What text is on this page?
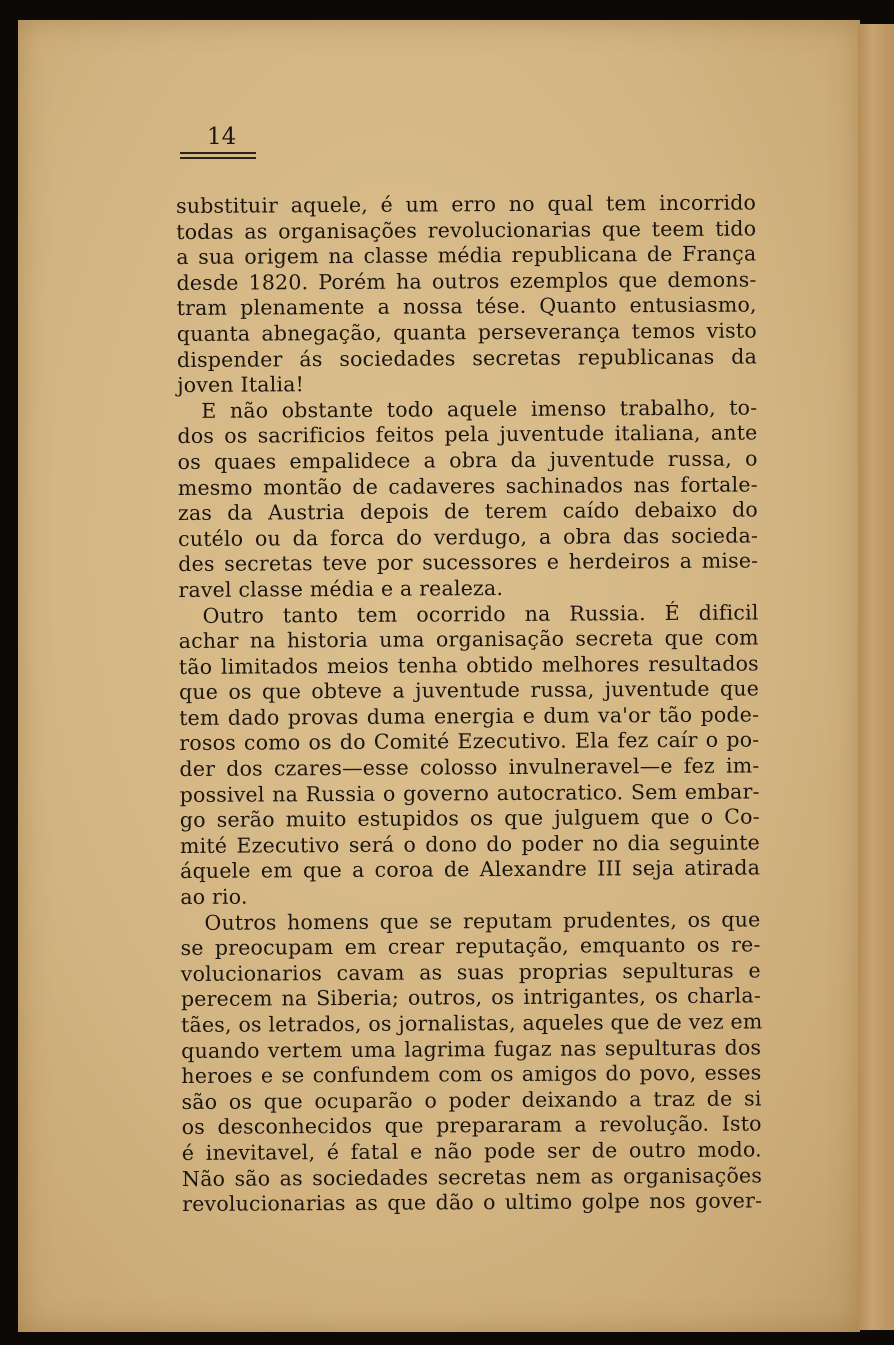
14

substituir aquele, é um erro no qual tem incorrido
todas as organisações revolucionarias que teem tido
a sua origem na classe média republicana de França
desde 1820. Porém ha outros ezemplos que demons-
tram plenamente a nossa tése. Quanto entusiasmo,
quanta abnegação, quanta perseverança temos visto
dispender ás sociedades secretas republicanas da
joven Italia!
E não obstante todo aquele imenso trabalho, to-
dos os sacrificios feitos pela juventude italiana, ante
os quaes empalidece a obra da juventude russa, o
mesmo montão de cadaveres sachinados nas fortale-
zas da Austria depois de terem caído debaixo do
cutélo ou da forca do verdugo, a obra das socieda-
des secretas teve por sucessores e herdeiros a mise-
ravel classe média e a realeza.
Outro tanto tem ocorrido na Russia. É dificil
achar na historia uma organisação secreta que com
tão limitados meios tenha obtido melhores resultados
que os que obteve a juventude russa, juventude que
tem dado provas duma energia e dum va'or tão pode-
rosos como os do Comité Ezecutivo. Ela fez caír o po-
der dos czares—esse colosso invulneravel—e fez im-
possivel na Russia o governo autocratico. Sem embar-
go serão muito estupidos os que julguem que o Co-
mité Ezecutivo será o dono do poder no dia seguinte
áquele em que a coroa de Alexandre III seja atirada
ao rio.
Outros homens que se reputam prudentes, os que
se preocupam em crear reputação, emquanto os re-
volucionarios cavam as suas proprias sepulturas e
perecem na Siberia; outros, os intrigantes, os charla-
tães, os letrados, os jornalistas, aqueles que de vez em
quando vertem uma lagrima fugaz nas sepulturas dos
heroes e se confundem com os amigos do povo, esses
são os que ocuparão o poder deixando a traz de si
os desconhecidos que prepararam a revolução. Isto
é inevitavel, é fatal e não pode ser de outro modo.
Não são as sociedades secretas nem as organisações
revolucionarias as que dão o ultimo golpe nos gover-
